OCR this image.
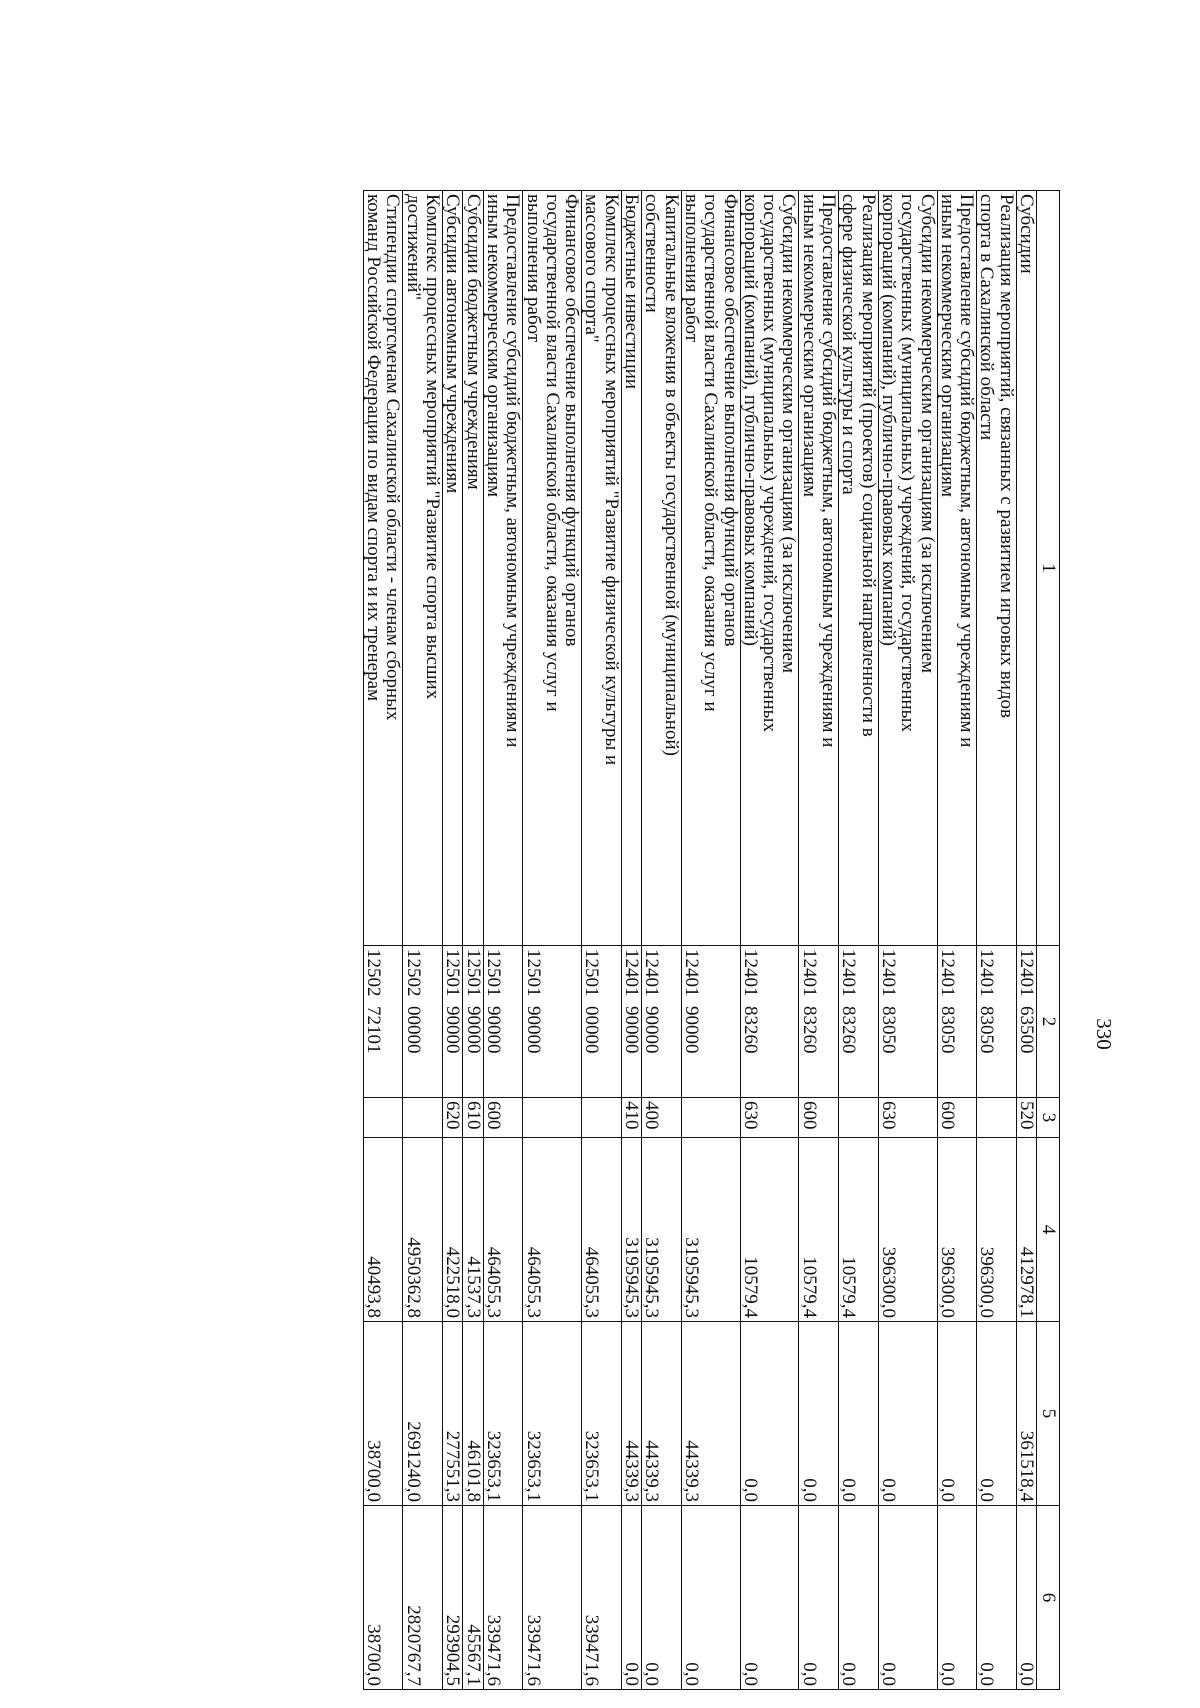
330
1	2	3	4	5	6

Субсидии	12401  63500	520	412978,1	361518,4	0,0

Реализация мероприятий, связанных с развитием игровых видов
спорта в Сахалинской области	12401  83050		396300,0	0,0	0,0

Предоставление субсидий бюджетным, автономным учреждениям и
иным некоммерческим организациям	12401  83050	600	396300,0	0,0	0,0

Субсидии некоммерческим организациям (за исключением
государственных (муниципальных) учреждений, государственных
корпораций (компаний), публично-правовых компаний)	12401  83050	630	396300,0	0,0	0,0

Реализация мероприятий (проектов) социальной направленности в
сфере физической культуры и спорта	12401  83260		10579,4	0,0	0,0

Предоставление субсидий бюджетным, автономным учреждениям и
иным некоммерческим организациям	12401  83260	600	10579,4	0,0	0,0

Субсидии некоммерческим организациям (за исключением
государственных (муниципальных) учреждений, государственных
корпораций (компаний), публично-правовых компаний)	12401  83260	630	10579,4	0,0	0,0

Финансовое обеспечение выполнения функций органов
государственной власти Сахалинской области, оказания услуг и
выполнения работ	12401  90000		3195945,3	44339,3	0,0

Капитальные вложения в объекты государственной (муниципальной)
собственности	12401  90000	400	3195945,3	44339,3	0,0

Бюджетные инвестиции	12401  90000	410	3195945,3	44339,3	0,0

Комплекс процессных мероприятий "Развитие физической культуры и
массового спорта"	12501  00000		464055,3	323653,1	339471,6

Финансовое обеспечение выполнения функций органов
государственной власти Сахалинской области, оказания услуг и
выполнения работ	12501  90000		464055,3	323653,1	339471,6

Предоставление субсидий бюджетным, автономным учреждениям и
иным некоммерческим организациям	12501  90000	600	464055,3	323653,1	339471,6

Субсидии бюджетным учреждениям	12501  90000	610	41537,3	46101,8	45567,1

Субсидии автономным учреждениям	12501  90000	620	422518,0	277551,3	293904,5

Комплекс процессных мероприятий "Развитие спорта высших
достижений"	12502  00000		4950362,8	2691240,0	2820767,7

Стипендии спортсменам Сахалинской области - членам сборных
команд Российской Федерации по видам спорта и их тренерам	12502  72101		40493,8	38700,0	38700,0
